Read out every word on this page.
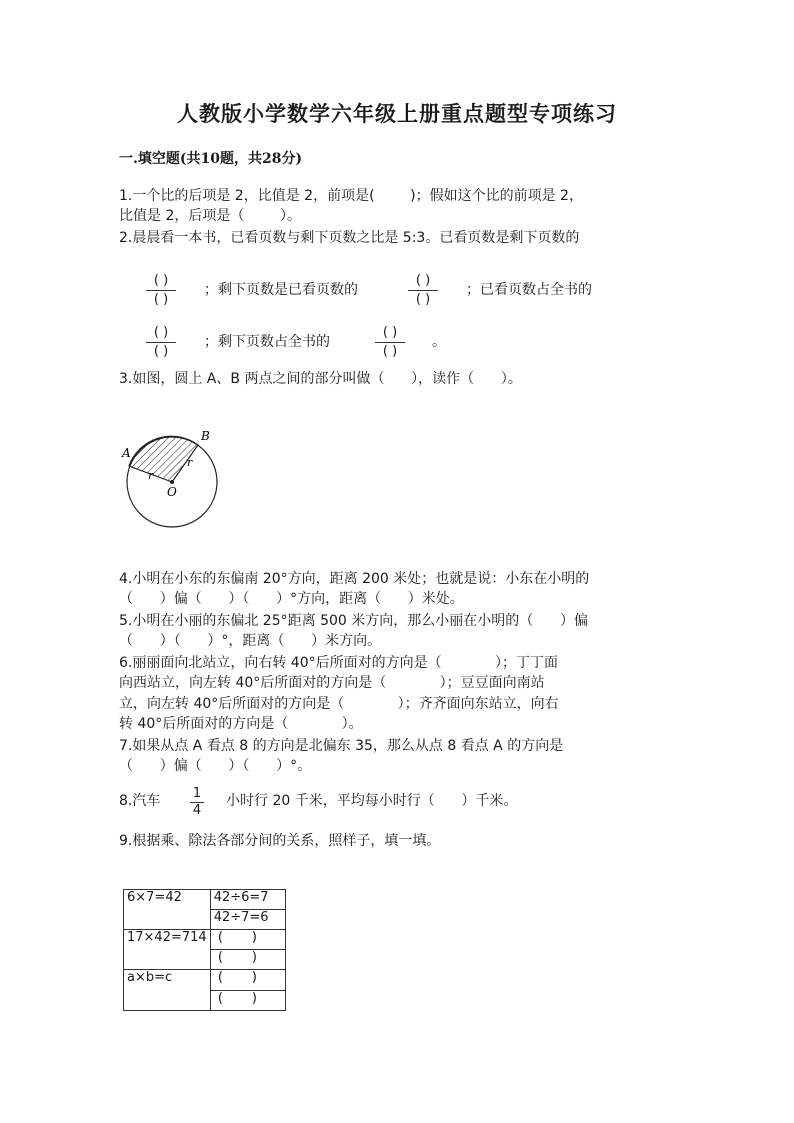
人教版小学数学六年级上册重点题型专项练习
一.填空题(共10题，共28分)
1.一个比的后项是 2，比值是 2，前项是(        )；假如这个比的前项是 2，
比值是 2，后项是（        ）。
2.晨晨看一本书，已看页数与剩下页数之比是 5:3。已看页数是剩下页数的
( )
( )
；剩下页数是已看页数的
( )
( )
；已看页数占全书的
( )
( )
；剩下页数占全书的
( )
( )
。
3.如图，圆上 A、B 两点之间的部分叫做（      ），读作（      ）。
A
B
O
r
r
4.小明在小东的东偏南 20°方向，距离 200 米处；也就是说：小东在小明的
（      ）偏（      ）（      ）°方向，距离（      ）米处。
5.小明在小丽的东偏北 25°距离 500 米方向，那么小丽在小明的（      ）偏
（      ）（      ）°，距离（      ）米方向。
6.丽丽面向北站立，向右转 40°后所面对的方向是（            ）；丁丁面
向西站立，向左转 40°后所面对的方向是（            ）；豆豆面向南站
立，向左转 40°后所面对的方向是（            ）；齐齐面向东站立，向右
转 40°后所面对的方向是（            ）。
7.如果从点 A 看点 8 的方向是北偏东 35，那么从点 8 看点 A 的方向是
（      ）偏（      ）（      ）°。
8.汽车 $\frac{1}{4}$ 小时行 20 千米，平均每小时行（      ）千米。
9.根据乘、除法各部分间的关系，照样子，填一填。
6×7=42	42÷6=7
	42÷7=6
17×42=714	(       )
	(       )
a×b=c	(       )
	(       )
